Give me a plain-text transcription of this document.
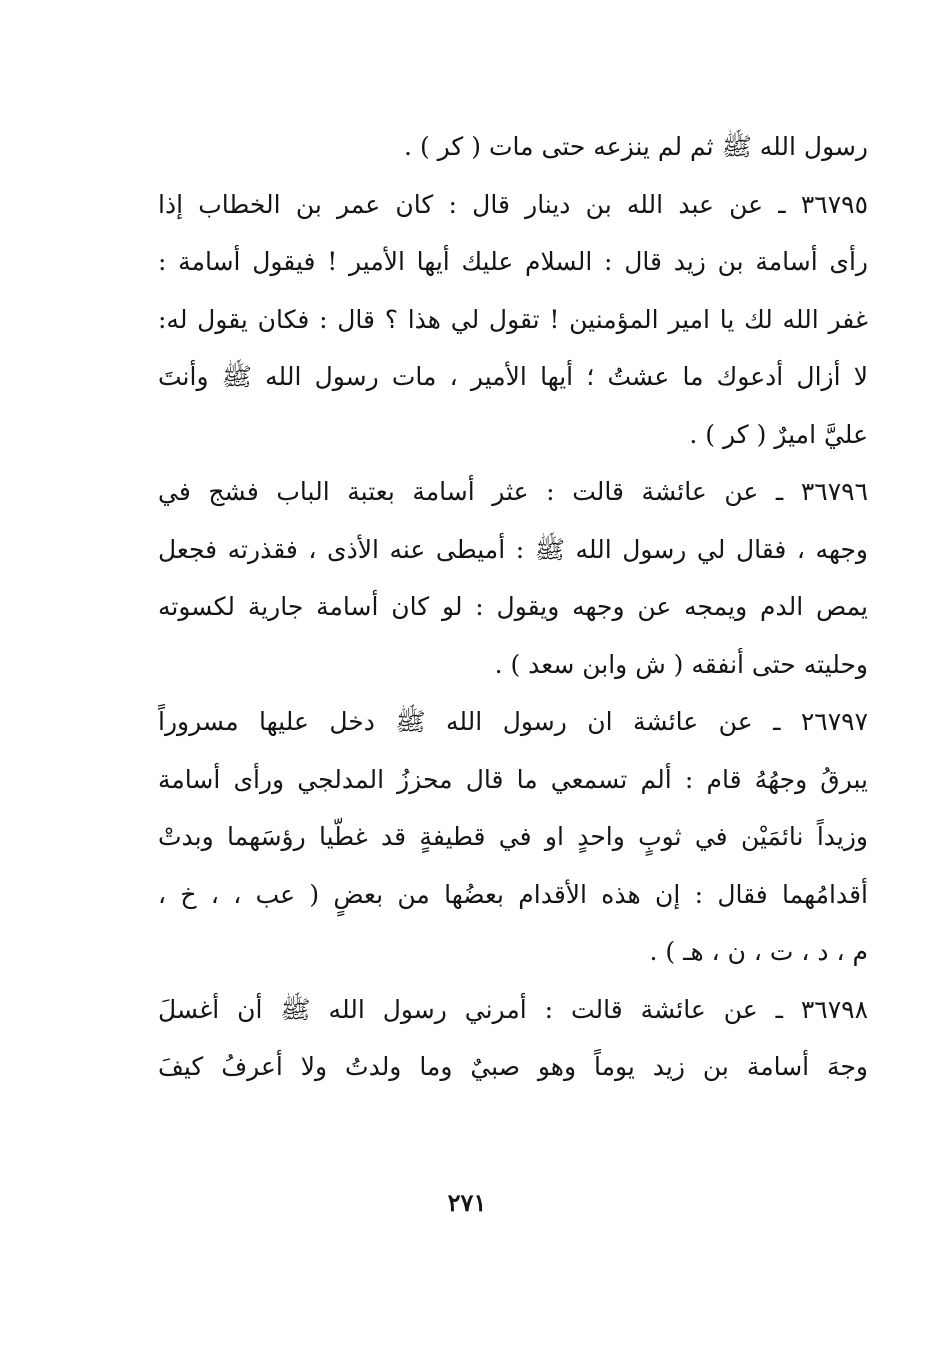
رسول الله ﷺ ثم لم ينزعه حتى مات ( كر ) .
٣٦٧٩٥ ـ عن عبد الله بن دينار قال : كان عمر بن الخطاب إذا
رأى أسامة بن زيد قال : السلام عليك أيها الأمير ! فيقول أسامة :
غفر الله لك يا امير المؤمنين ! تقول لي هذا ؟ قال : فكان يقول له:
لا أزال أدعوك ما عشتُ ؛ أيها الأمير ، مات رسول الله ﷺ وأنتَ
عليَّ اميرٌ ( كر ) .
٣٦٧٩٦ ـ عن عائشة قالت : عثر أسامة بعتبة الباب فشج في
وجهه ، فقال لي رسول الله ﷺ : أميطى عنه الأذى ، فقذرته فجعل
يمص الدم ويمجه عن وجهه ويقول : لو كان أسامة جارية لكسوته
وحليته حتى أنفقه ( ش وابن سعد ) .
٢٦٧٩٧ ـ عن عائشة ان رسول الله ﷺ دخل عليها مسروراً
يبرقُ وجهُهُ قام : ألم تسمعي ما قال محززُ المدلجي ورأى أسامة
وزيداً نائمَيْن في ثوبٍ واحدٍ او في قطيفةٍ قد غطّيا رؤسَهما وبدتْ
أقدامُهما فقال : إن هذه الأقدام بعضُها من بعضٍ ( عب ، ، خ ،
م ، د ، ت ، ن ، هـ ) .
٣٦٧٩٨ ـ عن عائشة قالت : أمرني رسول الله ﷺ أن أغسلَ
وجهَ أسامة بن زيد يوماً وهو صبيٌ وما ولدتُ ولا أعرفُ كيفَ
٢٧١
